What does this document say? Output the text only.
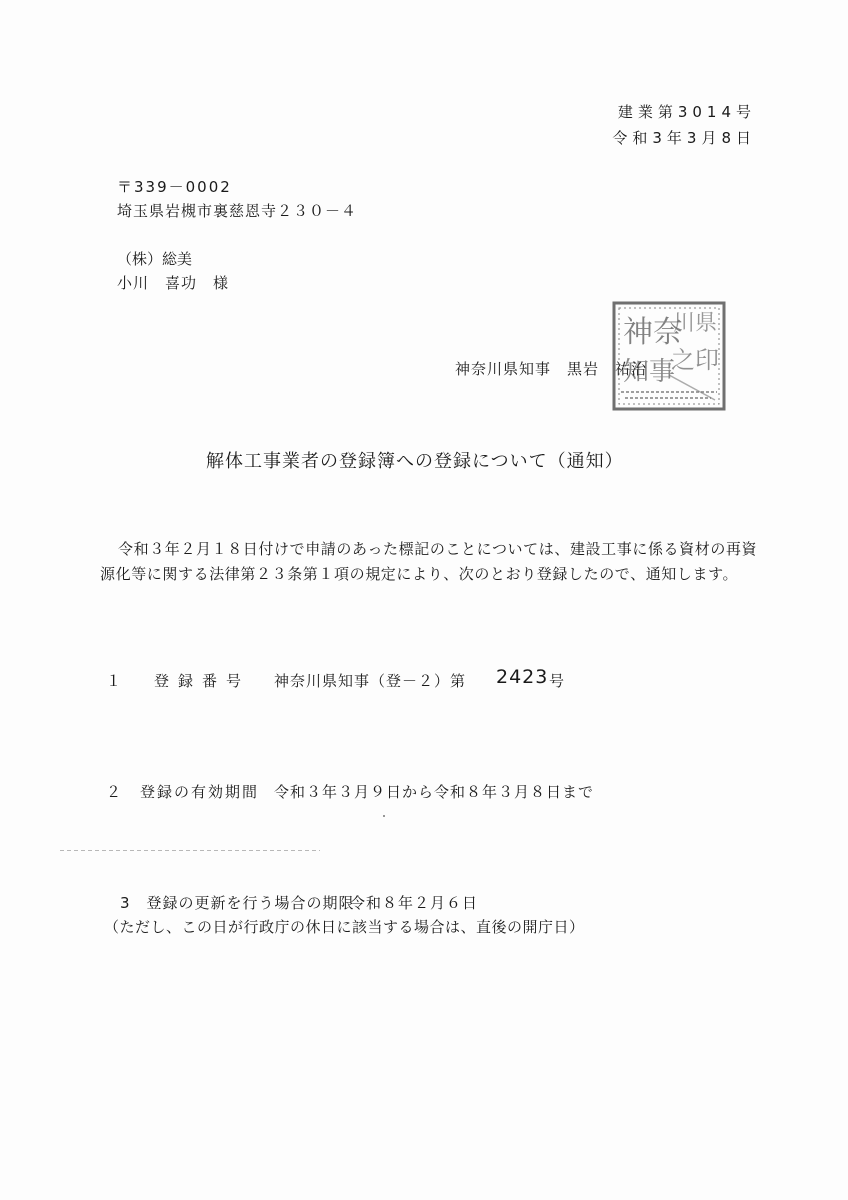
建業第3014号
令和3年3月8日
〒339－0002
埼玉県岩槻市裏慈恩寺２３０－４
（株）総美
小川　喜功　様
神奈川県知事　黒岩　祐治
神奈
川県
知事
之印
解体工事業者の登録簿への登録について（通知）
令和３年２月１８日付けで申請のあった標記のことについては、建設工事に係る資材の再資源化等に関する法律第２３条第１項の規定により、次のとおり登録したので、通知します。
１　登録番号 神奈川県知事（登－２）第 2423 号
２　登録の有効期間 令和３年３月９日から令和８年３月８日まで
3　登録の更新を行う場合の期限
令和８年２月６日
（ただし、この日が行政庁の休日に該当する場合は、直後の開庁日）
